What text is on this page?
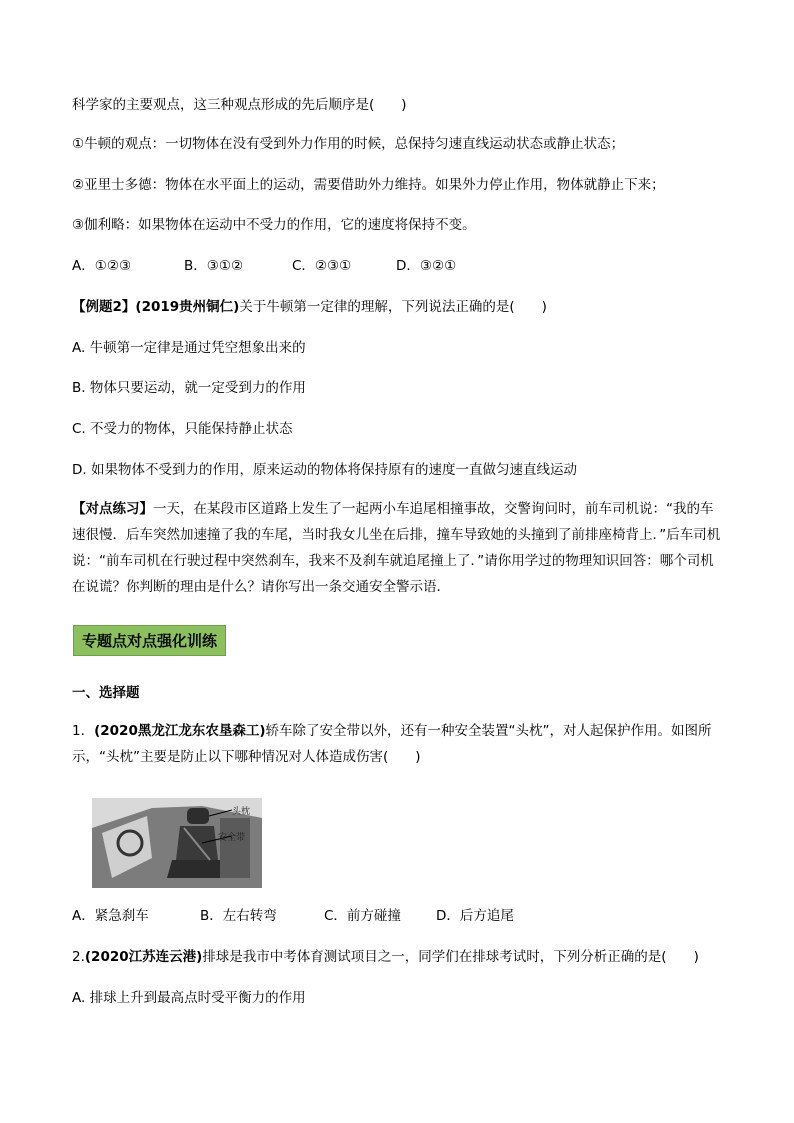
科学家的主要观点，这三种观点形成的先后顺序是(　　)
①牛顿的观点：一切物体在没有受到外力作用的时候，总保持匀速直线运动状态或静止状态；
②亚里士多德：物体在水平面上的运动，需要借助外力维持。如果外力停止作用，物体就静止下来；
③伽利略：如果物体在运动中不受力的作用，它的速度将保持不变。
A．①②③	B．③①②	C．②③①	D．③②①
【例题2】(2019贵州铜仁)关于牛顿第一定律的理解，下列说法正确的是(　　)
A. 牛顿第一定律是通过凭空想象出来的
B. 物体只要运动，就一定受到力的作用
C. 不受力的物体，只能保持静止状态
D. 如果物体不受到力的作用，原来运动的物体将保持原有的速度一直做匀速直线运动
【对点练习】一天，在某段市区道路上发生了一起两小车追尾相撞事故，交警询问时，前车司机说：“我的车速很慢．后车突然加速撞了我的车尾，当时我女儿坐在后排，撞车导致她的头撞到了前排座椅背上．”后车司机说：“前车司机在行驶过程中突然刹车，我来不及刹车就追尾撞上了．”请你用学过的物理知识回答：哪个司机在说谎？你判断的理由是什么？请你写出一条交通安全警示语．
专题点对点强化训练
一、选择题
1．(2020黑龙江龙东农垦森工)轿车除了安全带以外，还有一种安全装置“头枕”，对人起保护作用。如图所示，“头枕”主要是防止以下哪种情况对人体造成伤害(　　)
头枕
安全带
A．紧急刹车	B．左右转弯	C．前方碰撞	D．后方追尾
2.(2020江苏连云港)排球是我市中考体育测试项目之一，同学们在排球考试时，下列分析正确的是(　　)
A. 排球上升到最高点时受平衡力的作用
